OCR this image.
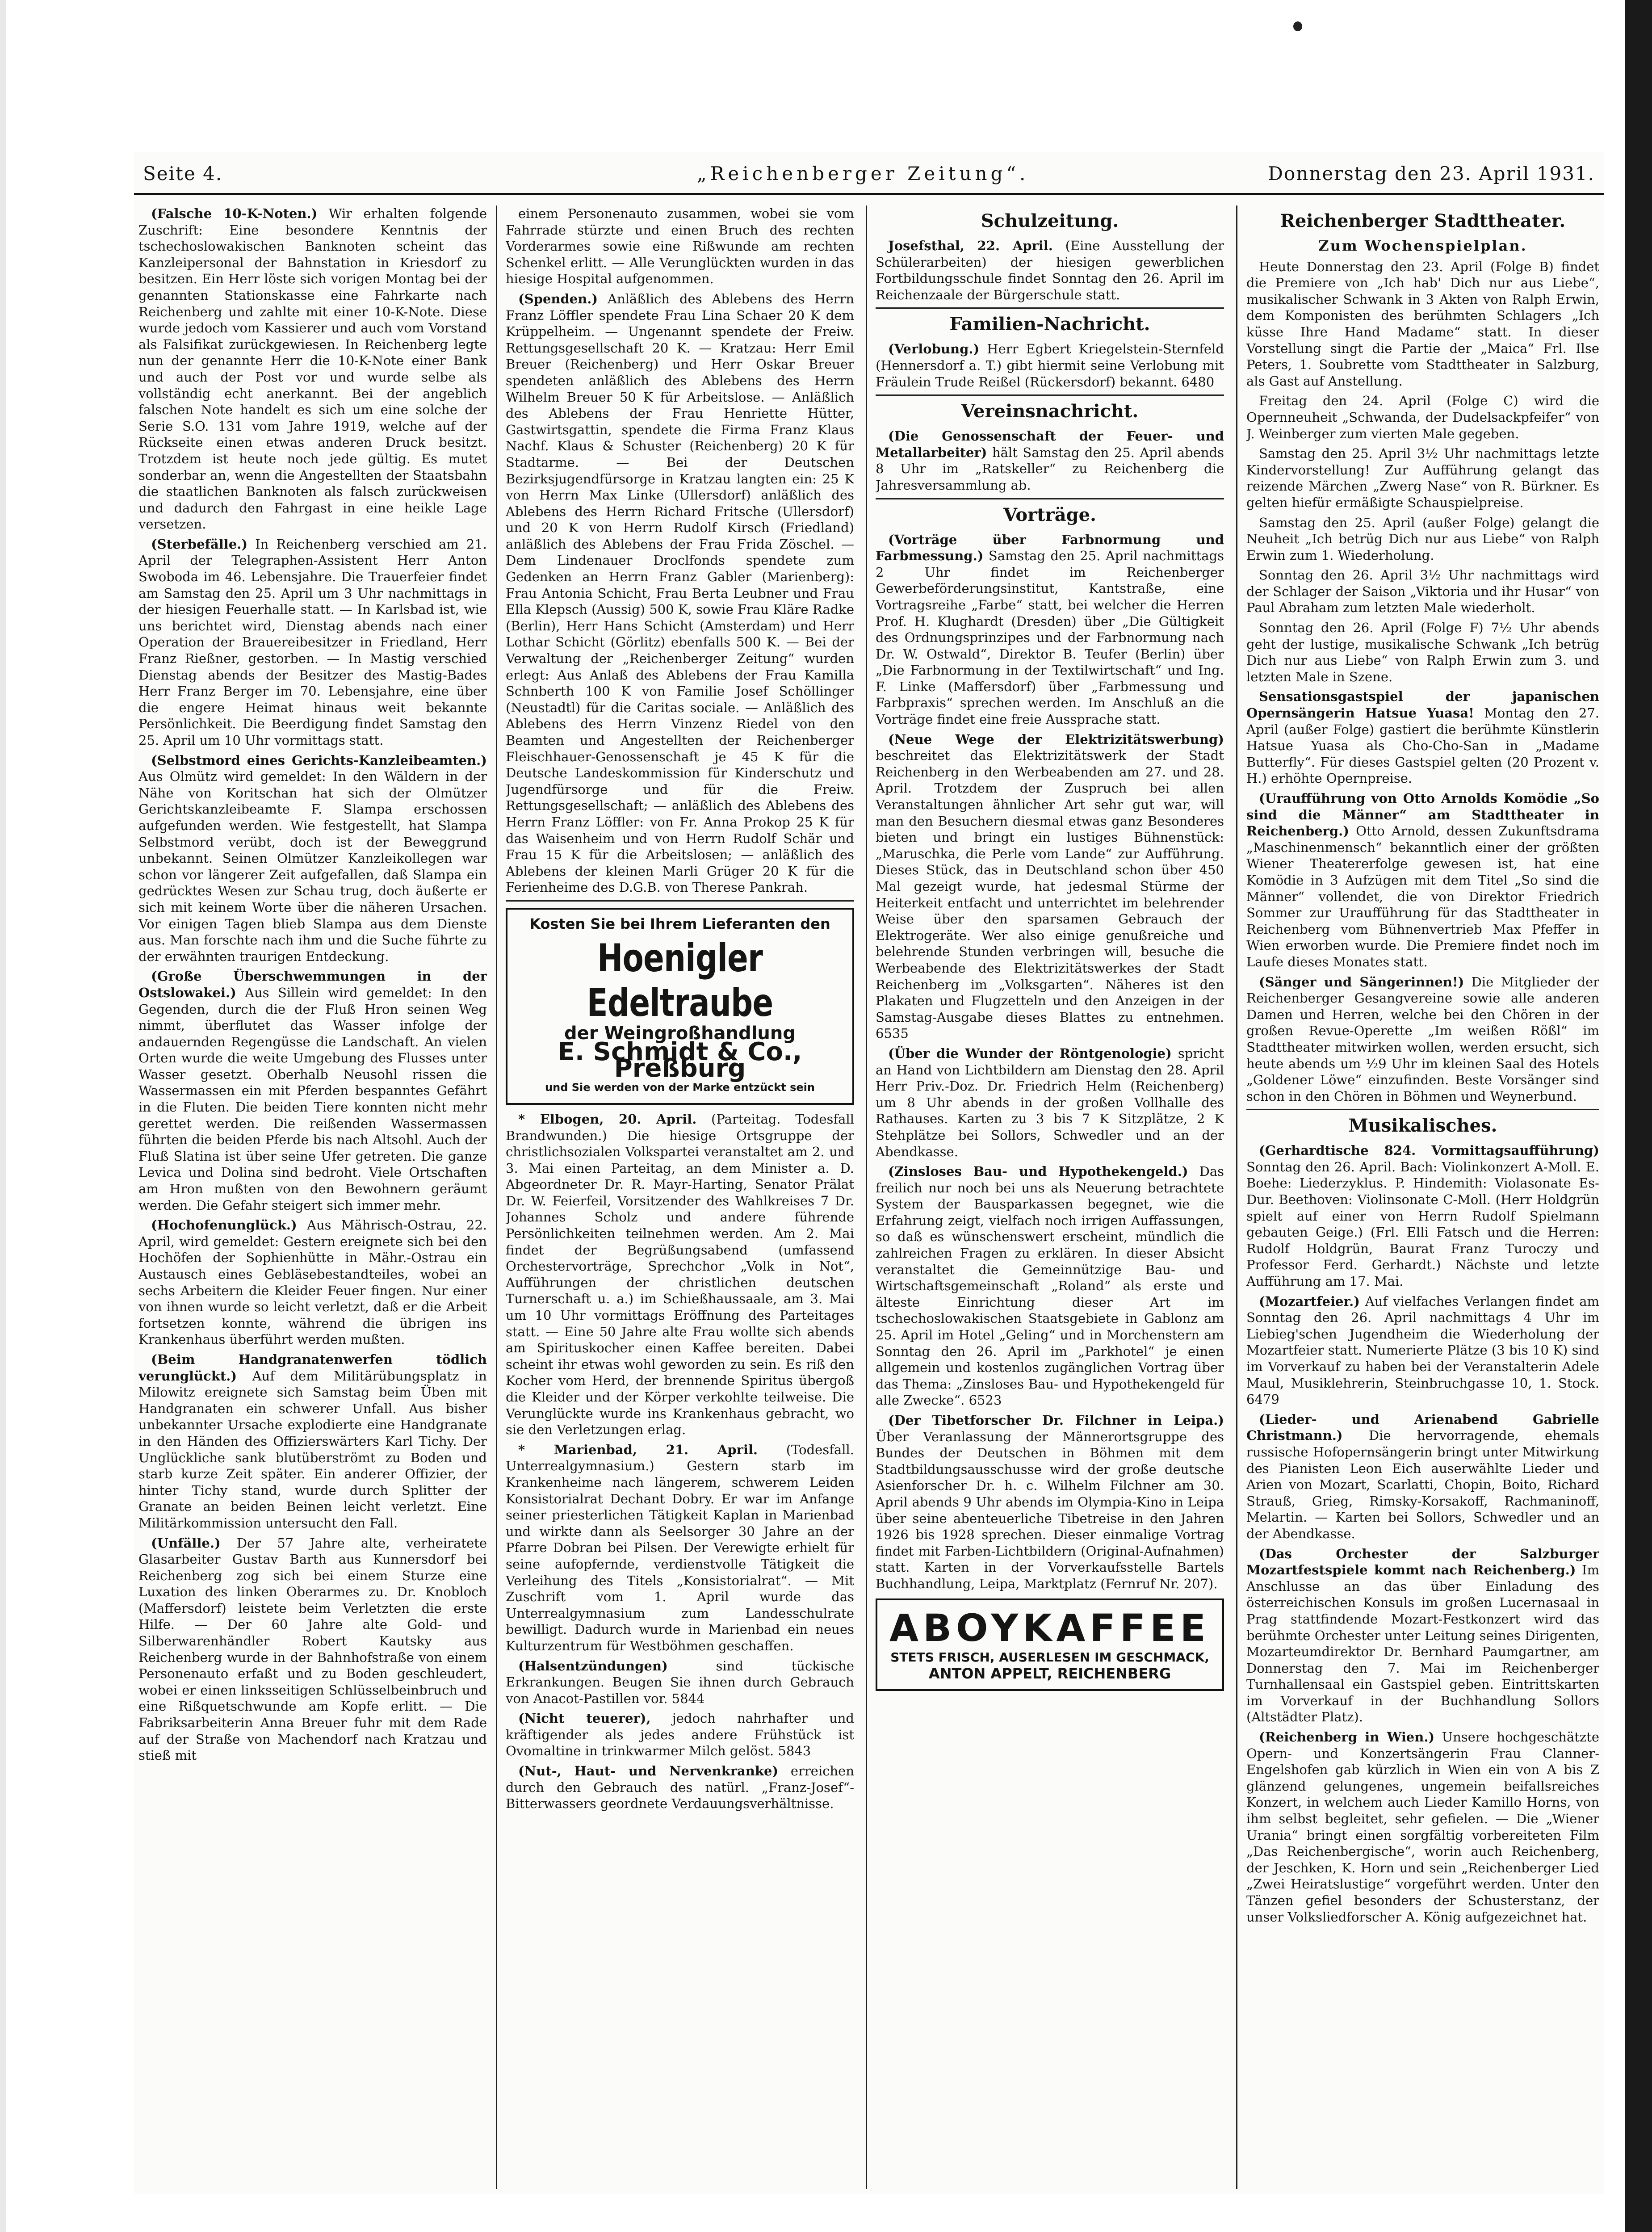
Seite 4.	„Reichenberger Zeitung“.	Donnerstag den 23. April 1931.

(Falsche 10-K-Noten.) Wir erhalten folgende Zuschrift: Eine besondere Kenntnis der tschechoslowakischen Banknoten scheint das Kanzleipersonal der Bahnstation in Kriesdorf zu besitzen. Ein Herr löste sich vorigen Montag bei der genannten Stationskasse eine Fahrkarte nach Reichenberg und zahlte mit einer 10-K-Note. Diese wurde jedoch vom Kassierer und auch vom Vorstand als Falsifikat zurückgewiesen. In Reichenberg legte nun der genannte Herr die 10-K-Note einer Bank und auch der Post vor und wurde selbe als vollständig echt anerkannt. Bei der angeblich falschen Note handelt es sich um eine solche der Serie S.O. 131 vom Jahre 1919, welche auf der Rückseite einen etwas anderen Druck besitzt. Trotzdem ist heute noch jede gültig. Es mutet sonderbar an, wenn die Angestellten der Staatsbahn die staatlichen Banknoten als falsch zurückweisen und dadurch den Fahrgast in eine heikle Lage versetzen.

(Sterbefälle.) In Reichenberg verschied am 21. April der Telegraphen-Assistent Herr Anton Swoboda im 46. Lebensjahre. Die Trauerfeier findet am Samstag den 25. April um 3 Uhr nachmittags in der hiesigen Feuerhalle statt. — In Karlsbad ist, wie uns berichtet wird, Dienstag abends nach einer Operation der Brauereibesitzer in Friedland, Herr Franz Rießner, gestorben. — In Mastig verschied Dienstag abends der Besitzer des Mastig-Bades Herr Franz Berger im 70. Lebensjahre, eine über die engere Heimat hinaus weit bekannte Persönlichkeit. Die Beerdigung findet Samstag den 25. April um 10 Uhr vormittags statt.

(Selbstmord eines Gerichts-Kanzleibeamten.) Aus Olmütz wird gemeldet: In den Wäldern in der Nähe von Koritschan hat sich der Olmützer Gerichtskanzleibeamte F. Slampa erschossen aufgefunden werden. Wie festgestellt, hat Slampa Selbstmord verübt, doch ist der Beweggrund unbekannt. Seinen Olmützer Kanzleikollegen war schon vor längerer Zeit aufgefallen, daß Slampa ein gedrücktes Wesen zur Schau trug, doch äußerte er sich mit keinem Worte über die näheren Ursachen. Vor einigen Tagen blieb Slampa aus dem Dienste aus. Man forschte nach ihm und die Suche führte zu der erwähnten traurigen Entdeckung.

(Große Überschwemmungen in der Ostslowakei.) Aus Sillein wird gemeldet: In den Gegenden, durch die der Fluß Hron seinen Weg nimmt, überflutet das Wasser infolge der andauernden Regengüsse die Landschaft. An vielen Orten wurde die weite Umgebung des Flusses unter Wasser gesetzt. Oberhalb Neusohl rissen die Wassermassen ein mit Pferden bespanntes Gefährt in die Fluten. Die beiden Tiere konnten nicht mehr gerettet werden. Die reißenden Wassermassen führten die beiden Pferde bis nach Altsohl. Auch der Fluß Slatina ist über seine Ufer getreten. Die ganze Levica und Dolina sind bedroht. Viele Ortschaften am Hron mußten von den Bewohnern geräumt werden. Die Gefahr steigert sich immer mehr.

(Hochofenunglück.) Aus Mährisch-Ostrau, 22. April, wird gemeldet: Gestern ereignete sich bei den Hochöfen der Sophienhütte in Mähr.-Ostrau ein Austausch eines Gebläsebestandteiles, wobei an sechs Arbeitern die Kleider Feuer fingen. Nur einer von ihnen wurde so leicht verletzt, daß er die Arbeit fortsetzen konnte, während die übrigen ins Krankenhaus überführt werden mußten.

(Beim Handgranatenwerfen tödlich verunglückt.) Auf dem Militärübungsplatz in Milowitz ereignete sich Samstag beim Üben mit Handgranaten ein schwerer Unfall. Aus bisher unbekannter Ursache explodierte eine Handgranate in den Händen des Offizierswärters Karl Tichy. Der Unglückliche sank blutüberströmt zu Boden und starb kurze Zeit später. Ein anderer Offizier, der hinter Tichy stand, wurde durch Splitter der Granate an beiden Beinen leicht verletzt. Eine Militärkommission untersucht den Fall.

(Unfälle.) Der 57 Jahre alte, verheiratete Glasarbeiter Gustav Barth aus Kunnersdorf bei Reichenberg zog sich bei einem Sturze eine Luxation des linken Oberarmes zu. Dr. Knobloch (Maffersdorf) leistete beim Verletzten die erste Hilfe. — Der 60 Jahre alte Gold- und Silberwarenhändler Robert Kautsky aus Reichenberg wurde in der Bahnhofstraße von einem Personenauto erfaßt und zu Boden geschleudert, wobei er einen linksseitigen Schlüsselbeinbruch und eine Rißquetschwunde am Kopfe erlitt. — Die Fabriksarbeiterin Anna Breuer fuhr mit dem Rade auf der Straße von Machendorf nach Kratzau und stieß mit

einem Personenauto zusammen, wobei sie vom Fahrrade stürzte und einen Bruch des rechten Vorderarmes sowie eine Rißwunde am rechten Schenkel erlitt. — Alle Verunglückten wurden in das hiesige Hospital aufgenommen.

(Spenden.) Anläßlich des Ablebens des Herrn Franz Löffler spendete Frau Lina Schaer 20 K dem Krüppelheim. — Ungenannt spendete der Freiw. Rettungsgesellschaft 20 K. — Kratzau: Herr Emil Breuer (Reichenberg) und Herr Oskar Breuer spendeten anläßlich des Ablebens des Herrn Wilhelm Breuer 50 K für Arbeitslose. — Anläßlich des Ablebens der Frau Henriette Hütter, Gastwirtsgattin, spendete die Firma Franz Klaus Nachf. Klaus & Schuster (Reichenberg) 20 K für Stadtarme. — Bei der Deutschen Bezirksjugendfürsorge in Kratzau langten ein: 25 K von Herrn Max Linke (Ullersdorf) anläßlich des Ablebens des Herrn Richard Fritsche (Ullersdorf) und 20 K von Herrn Rudolf Kirsch (Friedland) anläßlich des Ablebens der Frau Frida Zöschel. — Dem Lindenauer Droclfonds spendete zum Gedenken an Herrn Franz Gabler (Marienberg): Frau Antonia Schicht, Frau Berta Leubner und Frau Ella Klepsch (Aussig) 500 K, sowie Frau Kläre Radke (Berlin), Herr Hans Schicht (Amsterdam) und Herr Lothar Schicht (Görlitz) ebenfalls 500 K. — Bei der Verwaltung der „Reichenberger Zeitung“ wurden erlegt: Aus Anlaß des Ablebens der Frau Kamilla Schnberth 100 K von Familie Josef Schöllinger (Neustadtl) für die Caritas sociale. — Anläßlich des Ablebens des Herrn Vinzenz Riedel von den Beamten und Angestellten der Reichenberger Fleischhauer-Genossenschaft je 45 K für die Deutsche Landeskommission für Kinderschutz und Jugendfürsorge und für die Freiw. Rettungsgesellschaft; — anläßlich des Ablebens des Herrn Franz Löffler: von Fr. Anna Prokop 25 K für das Waisenheim und von Herrn Rudolf Schär und Frau 15 K für die Arbeitslosen; — anläßlich des Ablebens der kleinen Marli Grüger 20 K für die Ferienheime des D.G.B. von Therese Pankrah.

Kosten Sie bei Ihrem Lieferanten den
Hoenigler Edeltraube
der Weingroßhandlung
E. Schmidt & Co., Preßburg
und Sie werden von der Marke entzückt sein

* Elbogen, 20. April. (Parteitag. Todesfall Brandwunden.) Die hiesige Ortsgruppe der christlichsozialen Volkspartei veranstaltet am 2. und 3. Mai einen Parteitag, an dem Minister a. D. Abgeordneter Dr. R. Mayr-Harting, Senator Prälat Dr. W. Feierfeil, Vorsitzender des Wahlkreises 7 Dr. Johannes Scholz und andere führende Persönlichkeiten teilnehmen werden. Am 2. Mai findet der Begrüßungsabend (umfassend Orchestervorträge, Sprechchor „Volk in Not“, Aufführungen der christlichen deutschen Turnerschaft u. a.) im Schießhaussaale, am 3. Mai um 10 Uhr vormittags Eröffnung des Parteitages statt. — Eine 50 Jahre alte Frau wollte sich abends am Spirituskocher einen Kaffee bereiten. Dabei scheint ihr etwas wohl geworden zu sein. Es riß den Kocher vom Herd, der brennende Spiritus übergoß die Kleider und der Körper verkohlte teilweise. Die Verunglückte wurde ins Krankenhaus gebracht, wo sie den Verletzungen erlag.

* Marienbad, 21. April. (Todesfall. Unterrealgymnasium.) Gestern starb im Krankenheime nach längerem, schwerem Leiden Konsistorialrat Dechant Dobry. Er war im Anfange seiner priesterlichen Tätigkeit Kaplan in Marienbad und wirkte dann als Seelsorger 30 Jahre an der Pfarre Dobran bei Pilsen. Der Verewigte erhielt für seine aufopfernde, verdienstvolle Tätigkeit die Verleihung des Titels „Konsistorialrat“. — Mit Zuschrift vom 1. April wurde das Unterrealgymnasium zum Landesschulrate bewilligt. Dadurch wurde in Marienbad ein neues Kulturzentrum für Westböhmen geschaffen.

(Halsentzündungen)	sind tückische Erkrankungen. Beugen Sie ihnen durch Gebrauch von Anacot-Pastillen vor. 5844

(Nicht teuerer), jedoch nahrhafter und kräftigender als jedes andere Frühstück ist Ovomaltine in trinkwarmer Milch gelöst. 5843

(Nut-, Haut- und Nervenkranke) erreichen durch den Gebrauch des natürl. „Franz-Josef“-Bitterwassers geordnete Verdauungsverhältnisse.

Schulzeitung.

Josefsthal, 22. April. (Eine Ausstellung der Schülerarbeiten) der hiesigen gewerblichen Fortbildungsschule findet Sonntag den 26. April im Reichenzaale der Bürgerschule statt.

Familien-Nachricht.

(Verlobung.) Herr Egbert Kriegelstein-Sternfeld (Hennersdorf a. T.) gibt hiermit seine Verlobung mit Fräulein Trude Reißel (Rückersdorf) bekannt. 6480

Vereinsnachricht.

(Die Genossenschaft der Feuer- und Metallarbeiter) hält Samstag den 25. April abends 8 Uhr im „Ratskeller“ zu Reichenberg die Jahresversammlung ab.

Vorträge.

(Vorträge über Farbnormung und Farbmessung.) Samstag den 25. April nachmittags 2 Uhr findet im Reichenberger Gewerbeförderungsinstitut, Kantstraße, eine Vortragsreihe „Farbe“ statt, bei welcher die Herren Prof. H. Klughardt (Dresden) über „Die Gültigkeit des Ordnungsprinzipes und der Farbnormung nach Dr. W. Ostwald“, Direktor B. Teufer (Berlin) über „Die Farbnormung in der Textilwirtschaft“ und Ing. F. Linke (Maffersdorf) über „Farbmessung und Farbpraxis“ sprechen werden. Im Anschluß an die Vorträge findet eine freie Aussprache statt.

(Neue Wege der Elektrizitätswerbung) beschreitet das Elektrizitätswerk der Stadt Reichenberg in den Werbeabenden am 27. und 28. April. Trotzdem der Zuspruch bei allen Veranstaltungen ähnlicher Art sehr gut war, will man den Besuchern diesmal etwas ganz Besonderes bieten und bringt ein lustiges Bühnenstück: „Maruschka, die Perle vom Lande“ zur Aufführung. Dieses Stück, das in Deutschland schon über 450 Mal gezeigt wurde, hat jedesmal Stürme der Heiterkeit entfacht und unterrichtet im belehrender Weise über den sparsamen Gebrauch der Elektrogeräte. Wer also einige genußreiche und belehrende Stunden verbringen will, besuche die Werbeabende des Elektrizitätswerkes der Stadt Reichenberg im „Volksgarten“. Näheres ist den Plakaten und Flugzetteln und den Anzeigen in der Samstag-Ausgabe dieses Blattes zu entnehmen. 6535

(Über die Wunder der Röntgenologie) spricht an Hand von Lichtbildern am Dienstag den 28. April Herr Priv.-Doz. Dr. Friedrich Helm (Reichenberg) um 8 Uhr abends in der großen Vollhalle des Rathauses. Karten zu 3 bis 7 K Sitzplätze, 2 K Stehplätze bei Sollors, Schwedler und an der Abendkasse.

(Zinsloses Bau- und Hypothekengeld.) Das freilich nur noch bei uns als Neuerung betrachtete System der Bausparkassen begegnet, wie die Erfahrung zeigt, vielfach noch irrigen Auffassungen, so daß es wünschenswert erscheint, mündlich die zahlreichen Fragen zu erklären. In dieser Absicht veranstaltet die Gemeinnützige Bau- und Wirtschaftsgemeinschaft „Roland“ als erste und älteste Einrichtung dieser Art im tschechoslowakischen Staatsgebiete in Gablonz am 25. April im Hotel „Geling“ und in Morchenstern am Sonntag den 26. April im „Parkhotel“ je einen allgemein und kostenlos zugänglichen Vortrag über das Thema: „Zinsloses Bau- und Hypothekengeld für alle Zwecke“. 6523

(Der Tibetforscher Dr. Filchner in Leipa.) Über Veranlassung der Männerortsgruppe des Bundes der Deutschen in Böhmen mit dem Stadtbildungsausschusse wird der große deutsche Asienforscher Dr. h. c. Wilhelm Filchner am 30. April abends 9 Uhr abends im Olympia-Kino in Leipa über seine abenteuerliche Tibetreise in den Jahren 1926 bis 1928 sprechen. Dieser einmalige Vortrag findet mit Farben-Lichtbildern (Original-Aufnahmen) statt. Karten in der Vorverkaufsstelle Bartels Buchhandlung, Leipa, Marktplatz (Fernruf Nr. 207).

ABOYKAFFEE
STETS FRISCH, AUSERLESEN IM GESCHMACK,
ANTON APPELT, REICHENBERG
Reichenberger Stadttheater.
Zum Wochenspielplan.

Heute Donnerstag den 23. April (Folge B) findet die Premiere von „Ich hab' Dich nur aus Liebe“, musikalischer Schwank in 3 Akten von Ralph Erwin, dem Komponisten des berühmten Schlagers „Ich küsse Ihre Hand Madame“ statt. In dieser Vorstellung singt die Partie der „Maica“ Frl. Ilse Peters, 1. Soubrette vom Stadttheater in Salzburg, als Gast auf Anstellung.

Freitag den 24. April (Folge C) wird die Opernneuheit „Schwanda, der Dudelsackpfeifer“ von J. Weinberger zum vierten Male gegeben.

Samstag den 25. April 3½ Uhr nachmittags letzte Kindervorstellung! Zur Aufführung gelangt das reizende Märchen „Zwerg Nase“ von R. Bürkner. Es gelten hiefür ermäßigte Schauspielpreise.

Samstag den 25. April (außer Folge) gelangt die Neuheit „Ich betrüg Dich nur aus Liebe“ von Ralph Erwin zum 1. Wiederholung.

Sonntag den 26. April 3½ Uhr nachmittags wird der Schlager der Saison „Viktoria und ihr Husar“ von Paul Abraham zum letzten Male wiederholt.

Sonntag den 26. April (Folge F) 7½ Uhr abends geht der lustige, musikalische Schwank „Ich betrüg Dich nur aus Liebe“ von Ralph Erwin zum 3. und letzten Male in Szene.

Sensationsgastspiel der japanischen Opernsängerin Hatsue Yuasa! Montag den 27. April (außer Folge) gastiert die berühmte Künstlerin Hatsue Yuasa als Cho-Cho-San in „Madame Butterfly“. Für dieses Gastspiel gelten (20 Prozent v. H.) erhöhte Opernpreise.

(Uraufführung von Otto Arnolds Komödie „So sind die Männer“ am Stadttheater in Reichenberg.) Otto Arnold, dessen Zukunftsdrama „Maschinenmensch“ bekanntlich einer der größten Wiener Theatererfolge gewesen ist, hat eine Komödie in 3 Aufzügen mit dem Titel „So sind die Männer“ vollendet, die von Direktor Friedrich Sommer zur Uraufführung für das Stadttheater in Reichenberg vom Bühnenvertrieb Max Pfeffer in Wien erworben wurde. Die Premiere findet noch im Laufe dieses Monates statt.

(Sänger und Sängerinnen!) Die Mitglieder der Reichenberger Gesangvereine sowie alle anderen Damen und Herren, welche bei den Chören in der großen Revue-Operette „Im weißen Rößl“ im Stadttheater mitwirken wollen, werden ersucht, sich heute abends um ½9 Uhr im kleinen Saal des Hotels „Goldener Löwe“ einzufinden. Beste Vorsänger sind schon in den Chören in Böhmen und Weynerbund.

Musikalisches.

(Gerhardtische 824. Vormittagsaufführung) Sonntag den 26. April. Bach: Violinkonzert A-Moll. E. Boehe: Liederzyklus. P. Hindemith: Violasonate Es-Dur. Beethoven: Violinsonate C-Moll. (Herr Holdgrün spielt auf einer von Herrn Rudolf Spielmann gebauten Geige.) (Frl. Elli Fatsch und die Herren: Rudolf Holdgrün, Baurat Franz Turoczy und Professor Ferd. Gerhardt.) Nächste und letzte Aufführung am 17. Mai.

(Mozartfeier.) Auf vielfaches Verlangen findet am Sonntag den 26. April nachmittags 4 Uhr im Liebieg'schen Jugendheim die Wiederholung der Mozartfeier statt. Numerierte Plätze (3 bis 10 K) sind im Vorverkauf zu haben bei der Veranstalterin Adele Maul, Musiklehrerin, Steinbruchgasse 10, 1. Stock. 6479

(Lieder- und Arienabend Gabrielle Christmann.) Die hervorragende, ehemals russische Hofopernsängerin bringt unter Mitwirkung des Pianisten Leon Eich auserwählte Lieder und Arien von Mozart, Scarlatti, Chopin, Boito, Richard Strauß, Grieg, Rimsky-Korsakoff, Rachmaninoff, Melartin. — Karten bei Sollors, Schwedler und an der Abendkasse.

(Das Orchester der Salzburger Mozartfestspiele kommt nach Reichenberg.) Im Anschlusse an das über Einladung des österreichischen Konsuls im großen Lucernasaal in Prag stattfindende Mozart-Festkonzert wird das berühmte Orchester unter Leitung seines Dirigenten, Mozarteumdirektor Dr. Bernhard Paumgartner, am Donnerstag den 7. Mai im Reichenberger Turnhallensaal ein Gastspiel geben. Eintrittskarten im Vorverkauf in der Buchhandlung Sollors (Altstädter Platz).

(Reichenberg in Wien.) Unsere hochgeschätzte Opern- und Konzertsängerin Frau Clanner-Engelshofen gab kürzlich in Wien ein von A bis Z glänzend gelungenes, ungemein beifallsreiches Konzert, in welchem auch Lieder Kamillo Horns, von ihm selbst begleitet, sehr gefielen. — Die „Wiener Urania“ bringt einen sorgfältig vorbereiteten Film „Das Reichenbergische“, worin auch Reichenberg, der Jeschken, K. Horn und sein „Reichenberger Lied „Zwei Heiratslustige“ vorgeführt werden. Unter den Tänzen gefiel besonders der Schusterstanz, der unser Volksliedforscher A. König aufgezeichnet hat.
